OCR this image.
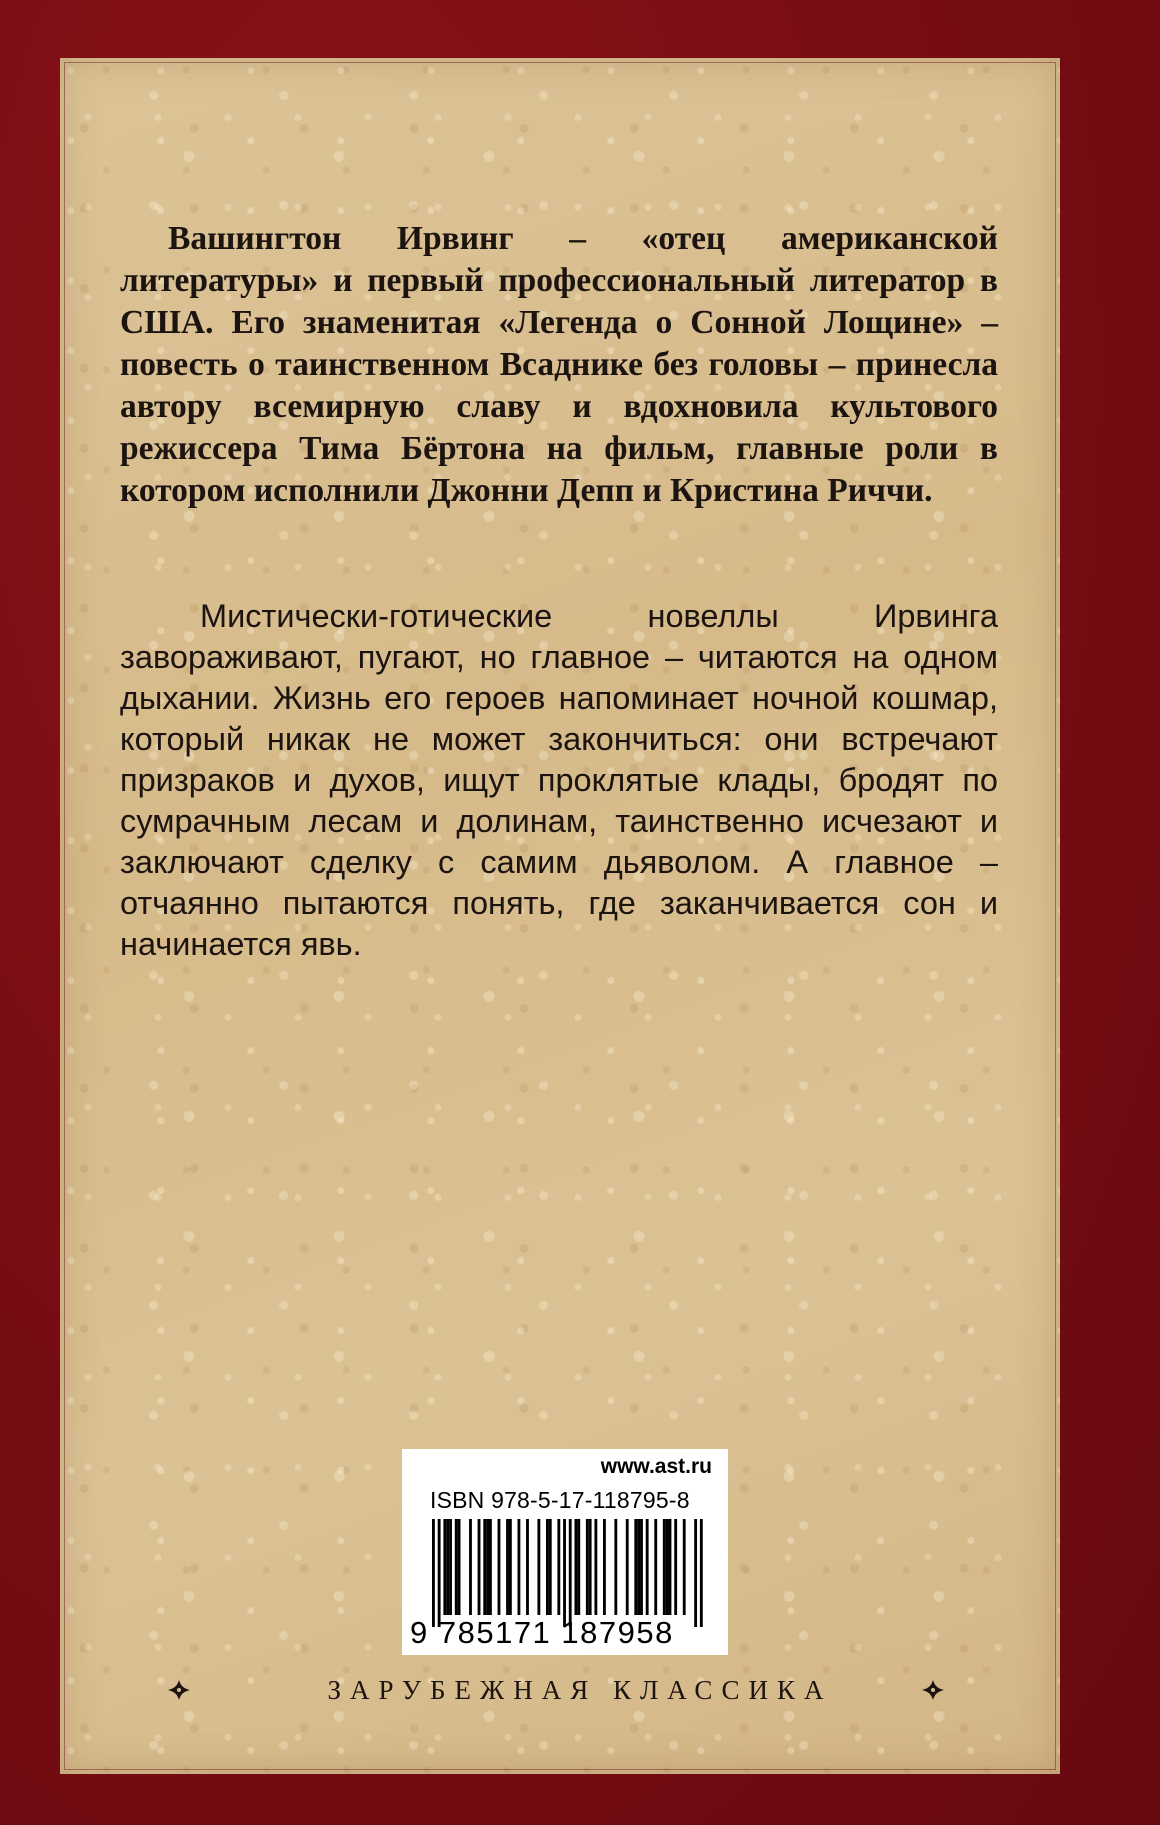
Вашингтон Ирвинг – «отец американской литературы» и первый профессиональный литератор в США. Его знаменитая «Легенда о Сонной Лощине» – повесть о таинственном Всаднике без головы – принесла автору всемирную славу и вдохновила культового режиссера Тима Бёртона на фильм, главные роли в котором исполнили Джонни Депп и Кристина Риччи.

Мистически-готические новеллы Ирвинга завораживают, пугают, но главное – читаются на одном дыхании. Жизнь его героев напоминает ночной кошмар, который никак не может закончиться: они встречают призраков и духов, ищут проклятые клады, бродят по сумрачным лесам и долинам, таинственно исчезают и заключают сделку с самим дьяволом. А главное – отчаянно пытаются понять, где заканчивается сон и начинается явь.

www.ast.ru

ISBN 978-5-17-118795-8

9 785171 187958

ЗАРУБЕЖНАЯ КЛАССИКА
